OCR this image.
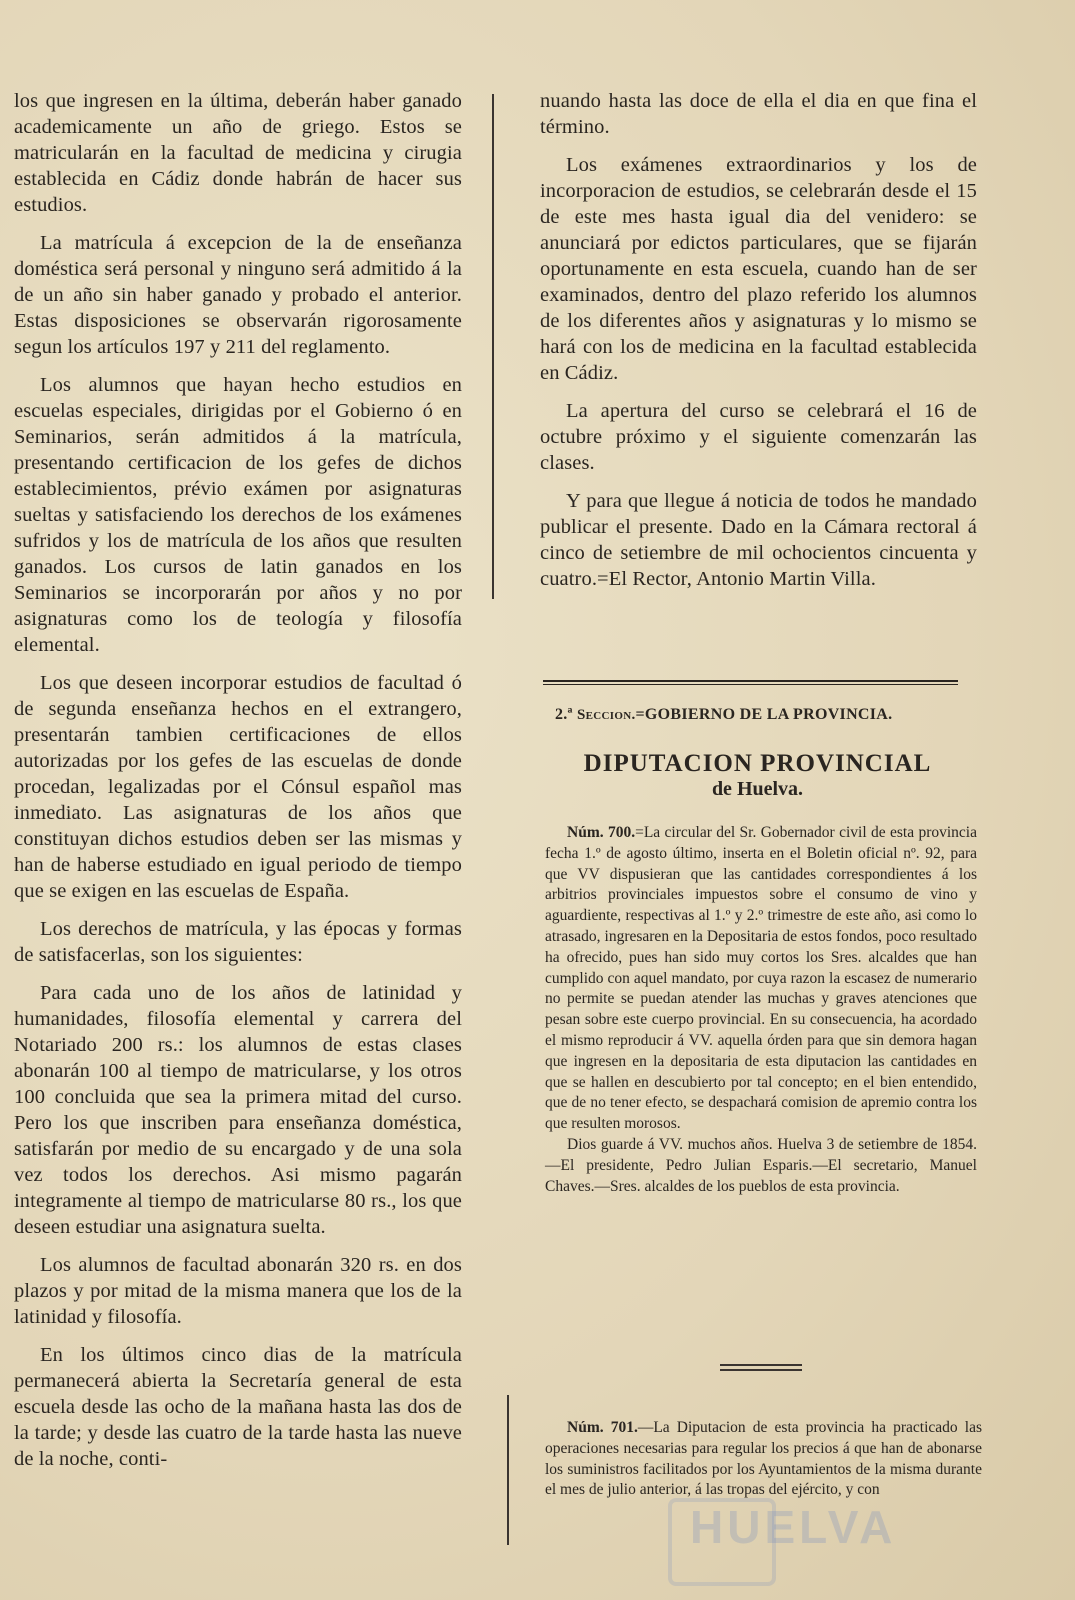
los que ingresen en la última, deberán haber ganado academicamente un año de griego. Estos se matricularán en la facultad de medicina y cirugia establecida en Cádiz donde habrán de hacer sus estudios.

La matrícula á excepcion de la de enseñanza doméstica será personal y ninguno será admitido á la de un año sin haber ganado y probado el anterior. Estas disposiciones se observarán rigorosamente segun los artículos 197 y 211 del reglamento.

Los alumnos que hayan hecho estudios en escuelas especiales, dirigidas por el Gobierno ó en Seminarios, serán admitidos á la matrícula, presentando certificacion de los gefes de dichos establecimientos, prévio exámen por asignaturas sueltas y satisfaciendo los derechos de los exámenes sufridos y los de matrícula de los años que resulten ganados. Los cursos de latin ganados en los Seminarios se incorporarán por años y no por asignaturas como los de teología y filosofía elemental.

Los que deseen incorporar estudios de facultad ó de segunda enseñanza hechos en el extrangero, presentarán tambien certificaciones de ellos autorizadas por los gefes de las escuelas de donde procedan, legalizadas por el Cónsul español mas inmediato. Las asignaturas de los años que constituyan dichos estudios deben ser las mismas y han de haberse estudiado en igual periodo de tiempo que se exigen en las escuelas de España.

Los derechos de matrícula, y las épocas y formas de satisfacerlas, son los siguientes:

Para cada uno de los años de latinidad y humanidades, filosofía elemental y carrera del Notariado 200 rs.: los alumnos de estas clases abonarán 100 al tiempo de matricularse, y los otros 100 concluida que sea la primera mitad del curso. Pero los que inscriben para enseñanza doméstica, satisfarán por medio de su encargado y de una sola vez todos los derechos. Asi mismo pagarán integramente al tiempo de matricularse 80 rs., los que deseen estudiar una asignatura suelta.

Los alumnos de facultad abonarán 320 rs. en dos plazos y por mitad de la misma manera que los de la latinidad y filosofía.

En los últimos cinco dias de la matrícula permanecerá abierta la Secretaría general de esta escuela desde las ocho de la mañana hasta las dos de la tarde; y desde las cuatro de la tarde hasta las nueve de la noche, conti-

nuando hasta las doce de ella el dia en que fina el término.

Los exámenes extraordinarios y los de incorporacion de estudios, se celebrarán desde el 15 de este mes hasta igual dia del venidero: se anunciará por edictos particulares, que se fijarán oportunamente en esta escuela, cuando han de ser examinados, dentro del plazo referido los alumnos de los diferentes años y asignaturas y lo mismo se hará con los de medicina en la facultad establecida en Cádiz.

La apertura del curso se celebrará el 16 de octubre próximo y el siguiente comenzarán las clases.

Y para que llegue á noticia de todos he mandado publicar el presente. Dado en la Cámara rectoral á cinco de setiembre de mil ochocientos cincuenta y cuatro.=El Rector, Antonio Martin Villa.

2.ª Seccion.=GOBIERNO DE LA PROVINCIA.
DIPUTACION PROVINCIAL
de Huelva.

Núm. 700.=La circular del Sr. Gobernador civil de esta provincia fecha 1.º de agosto último, inserta en el Boletin oficial nº. 92, para que VV dispusieran que las cantidades correspondientes á los arbitrios provinciales impuestos sobre el consumo de vino y aguardiente, respectivas al 1.º y 2.º trimestre de este año, asi como lo atrasado, ingresaren en la Depositaria de estos fondos, poco resultado ha ofrecido, pues han sido muy cortos los Sres. alcaldes que han cumplido con aquel mandato, por cuya razon la escasez de numerario no permite se puedan atender las muchas y graves atenciones que pesan sobre este cuerpo provincial. En su consecuencia, ha acordado el mismo reproducir á VV. aquella órden para que sin demora hagan que ingresen en la depositaria de esta diputacion las cantidades en que se hallen en descubierto por tal concepto; en el bien entendido, que de no tener efecto, se despachará comision de apremio contra los que resulten morosos.

Dios guarde á VV. muchos años. Huelva 3 de setiembre de 1854.—El presidente, Pedro Julian Esparis.—El secretario, Manuel Chaves.—Sres. alcaldes de los pueblos de esta provincia.

Núm. 701.—La Diputacion de esta provincia ha practicado las operaciones necesarias para regular los precios á que han de abonarse los suministros facilitados por los Ayuntamientos de la misma durante el mes de julio anterior, á las tropas del ejército, y con

HUELVA
